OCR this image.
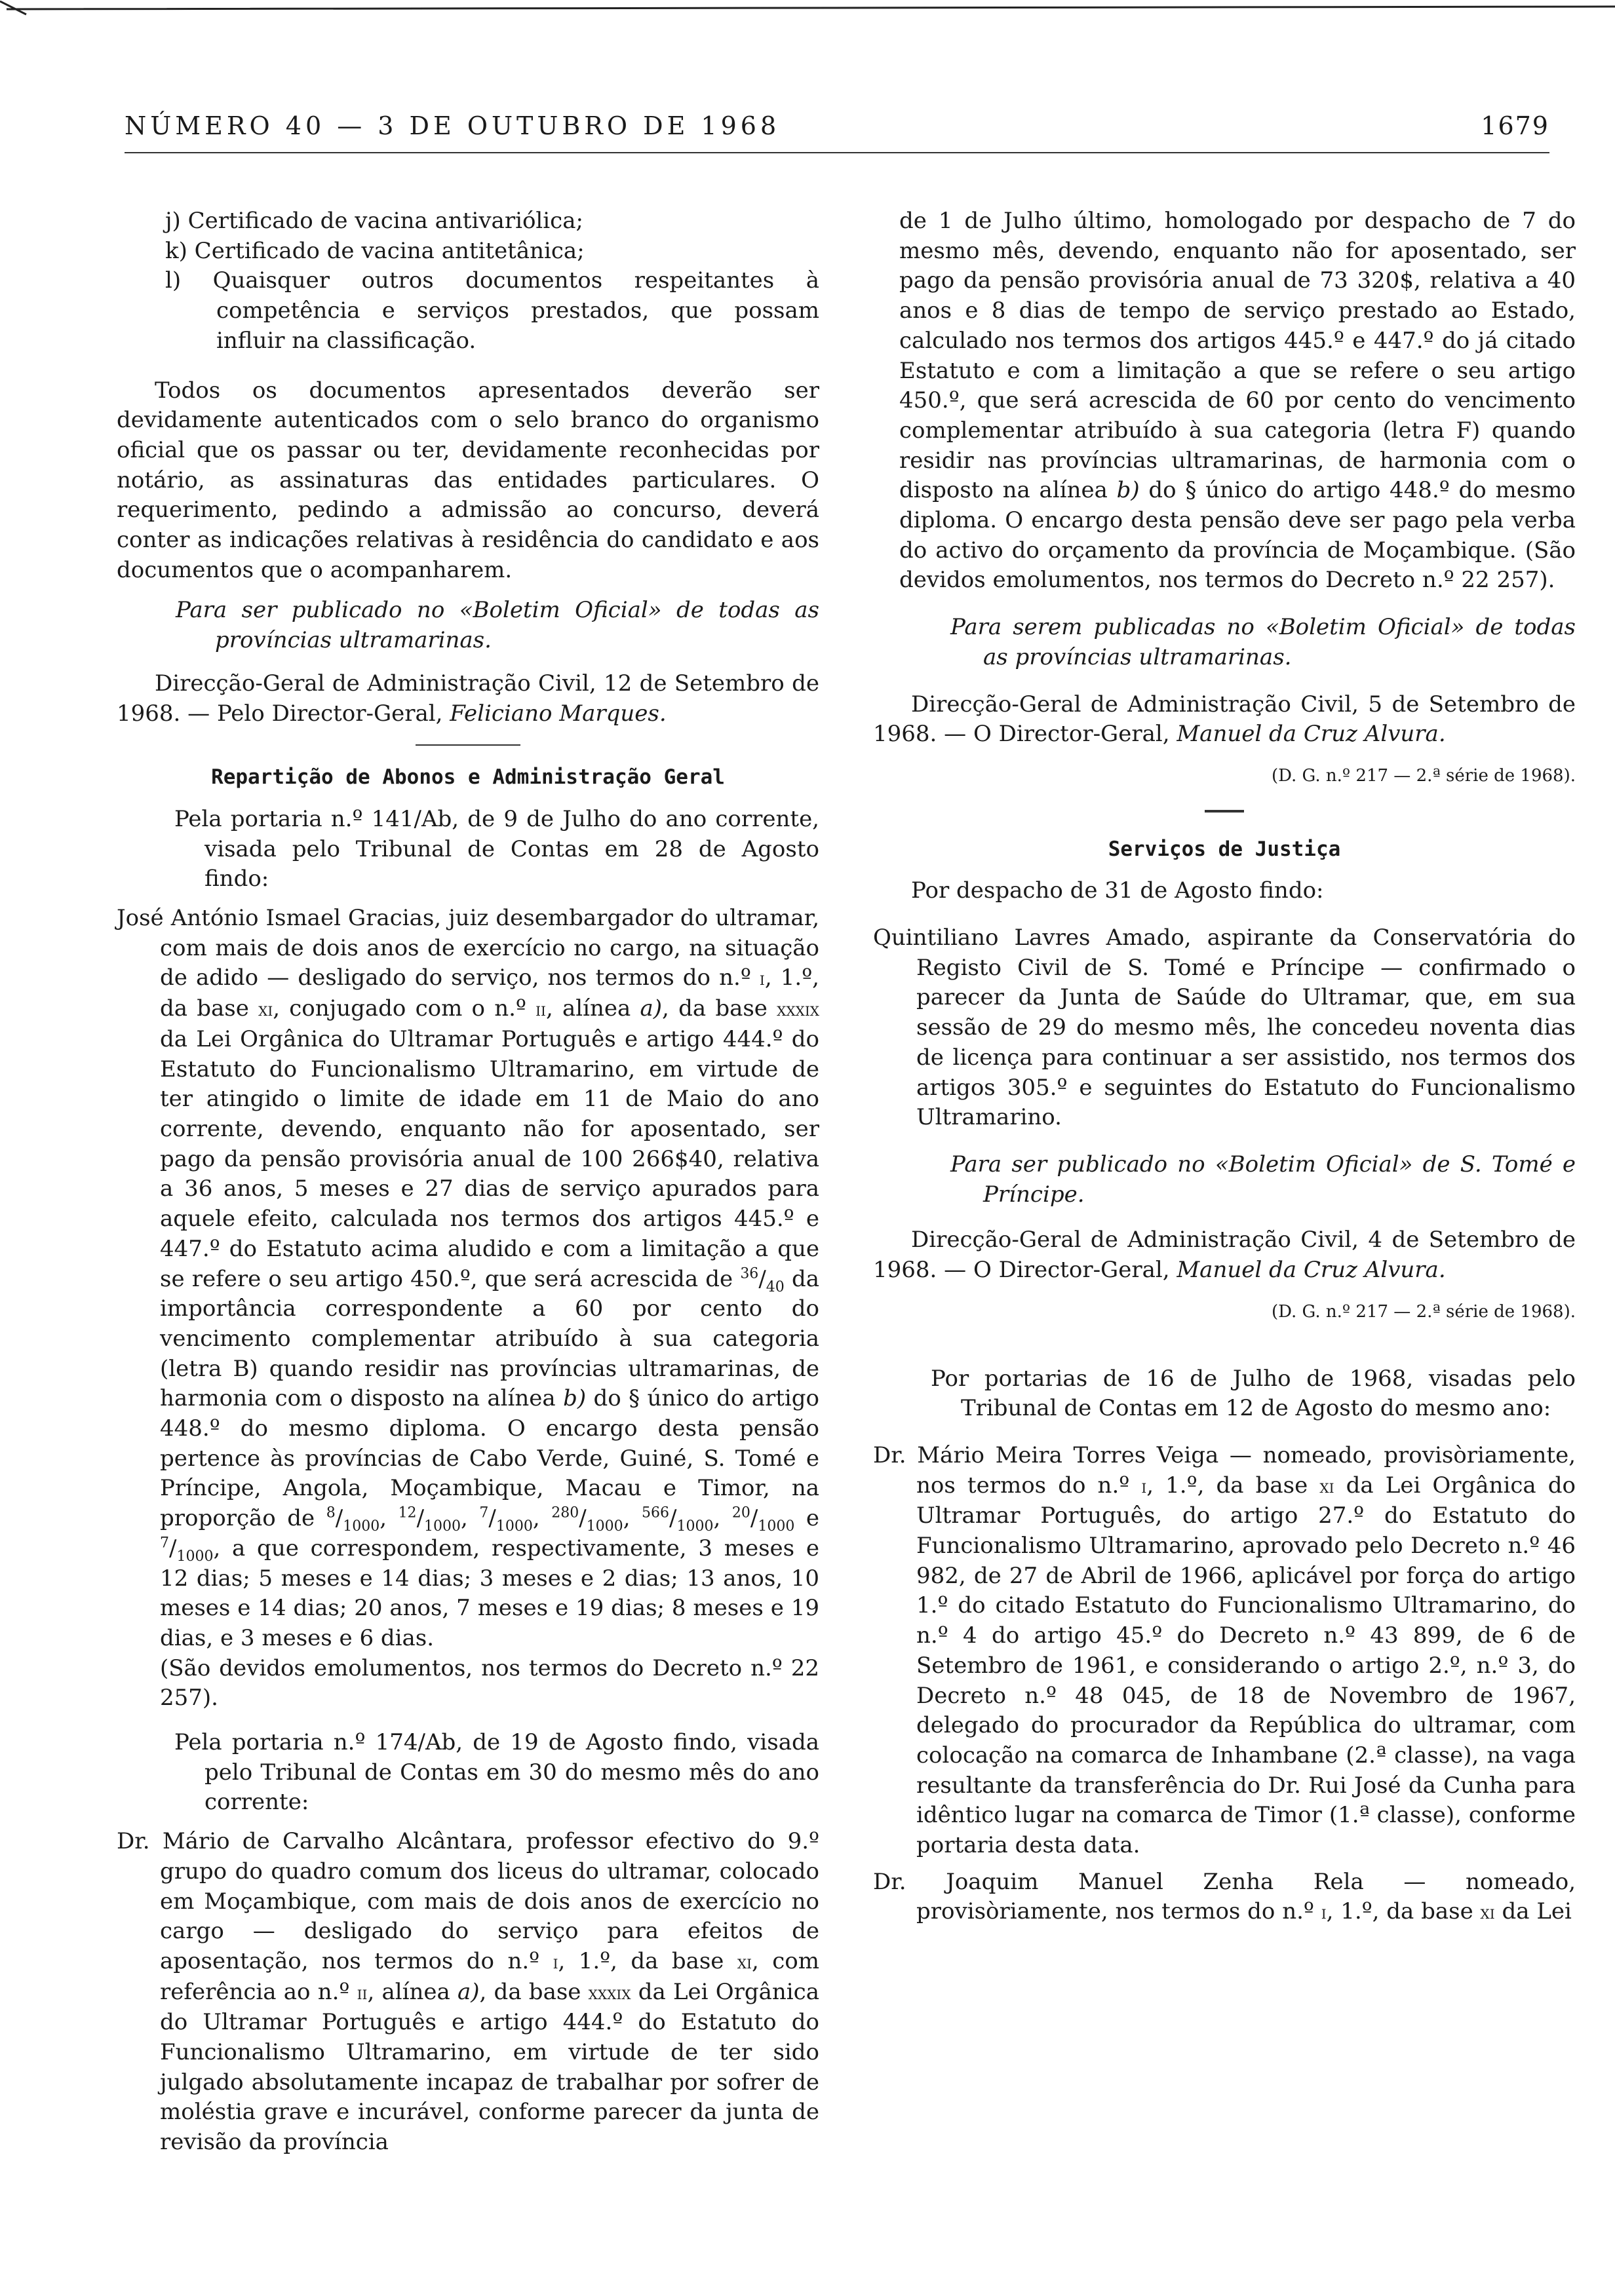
NÚMERO 40 — 3 DE OUTUBRO DE 1968	1679

j) Certificado de vacina antivariólica;

k) Certificado de vacina antitetânica;

l) Quaisquer outros documentos respeitantes à competência e serviços prestados, que possam influir na classificação.

Todos os documentos apresentados deverão ser devidamente autenticados com o selo branco do organismo oficial que os passar ou ter, devidamente reconhecidas por notário, as assinaturas das entidades particulares. O requerimento, pedindo a admissão ao concurso, deverá conter as indicações relativas à residência do candidato e aos documentos que o acompanharem.

Para ser publicado no «Boletim Oficial» de todas as províncias ultramarinas.

Direcção-Geral de Administração Civil, 12 de Setembro de 1968. — Pelo Director-Geral, Feliciano Marques.

Repartição de Abonos e Administração Geral

Pela portaria n.º 141/Ab, de 9 de Julho do ano corrente, visada pelo Tribunal de Contas em 28 de Agosto findo:

José António Ismael Gracias, juiz desembargador do ultramar, com mais de dois anos de exercício no cargo, na situação de adido — desligado do serviço, nos termos do n.º i, 1.º, da base xi, conjugado com o n.º ii, alínea a), da base xxxix da Lei Orgânica do Ultramar Português e artigo 444.º do Estatuto do Funcionalismo Ultramarino, em virtude de ter atingido o limite de idade em 11 de Maio do ano corrente, devendo, enquanto não for aposentado, ser pago da pensão provisória anual de 100 266$40, relativa a 36 anos, 5 meses e 27 dias de serviço apurados para aquele efeito, calculada nos termos dos artigos 445.º e 447.º do Estatuto acima aludido e com a limitação a que se refere o seu artigo 450.º, que será acrescida de $^{36}/_{40}$ da importância correspondente a 60 por cento do vencimento complementar atribuído à sua categoria (letra B) quando residir nas províncias ultramarinas, de harmonia com o disposto na alínea b) do § único do artigo 448.º do mesmo diploma. O encargo desta pensão pertence às províncias de Cabo Verde, Guiné, S. Tomé e Príncipe, Angola, Moçambique, Macau e Timor, na proporção de $^8/_{1000}$, $^{12}/_{1000}$, $^7/_{1000}$, $^{280}/_{1000}$, $^{566}/_{1000}$, $^{20}/_{1000}$ e $^7/_{1000}$, a que correspondem, respectivamente, 3 meses e 12 dias; 5 meses e 14 dias; 3 meses e 2 dias; 13 anos, 10 meses e 14 dias; 20 anos, 7 meses e 19 dias; 8 meses e 19 dias, e 3 meses e 6 dias.
(São devidos emolumentos, nos termos do Decreto n.º 22 257).

Pela portaria n.º 174/Ab, de 19 de Agosto findo, visada pelo Tribunal de Contas em 30 do mesmo mês do ano corrente:

Dr. Mário de Carvalho Alcântara, professor efectivo do 9.º grupo do quadro comum dos liceus do ultramar, colocado em Moçambique, com mais de dois anos de exercício no cargo — desligado do serviço para efeitos de aposentação, nos termos do n.º i, 1.º, da base xi, com referência ao n.º ii, alínea a), da base xxxix da Lei Orgânica do Ultramar Português e artigo 444.º do Estatuto do Funcionalismo Ultramarino, em virtude de ter sido julgado absolutamente incapaz de trabalhar por sofrer de moléstia grave e incurável, conforme parecer da junta de revisão da província

de 1 de Julho último, homologado por despacho de 7 do mesmo mês, devendo, enquanto não for aposentado, ser pago da pensão provisória anual de 73 320$, relativa a 40 anos e 8 dias de tempo de serviço prestado ao Estado, calculado nos termos dos artigos 445.º e 447.º do já citado Estatuto e com a limitação a que se refere o seu artigo 450.º, que será acrescida de 60 por cento do vencimento complementar atribuído à sua categoria (letra F) quando residir nas províncias ultramarinas, de harmonia com o disposto na alínea b) do § único do artigo 448.º do mesmo diploma. O encargo desta pensão deve ser pago pela verba do activo do orçamento da província de Moçambique. (São devidos emolumentos, nos termos do Decreto n.º 22 257).

Para serem publicadas no «Boletim Oficial» de todas as províncias ultramarinas.

Direcção-Geral de Administração Civil, 5 de Setembro de 1968. — O Director-Geral, Manuel da Cruz Alvura.

(D. G. n.º 217 — 2.ª série de 1968).

Serviços de Justiça

Por despacho de 31 de Agosto findo:

Quintiliano Lavres Amado, aspirante da Conservatória do Registo Civil de S. Tomé e Príncipe — confirmado o parecer da Junta de Saúde do Ultramar, que, em sua sessão de 29 do mesmo mês, lhe concedeu noventa dias de licença para continuar a ser assistido, nos termos dos artigos 305.º e seguintes do Estatuto do Funcionalismo Ultramarino.

Para ser publicado no «Boletim Oficial» de S. Tomé e Príncipe.

Direcção-Geral de Administração Civil, 4 de Setembro de 1968. — O Director-Geral, Manuel da Cruz Alvura.

(D. G. n.º 217 — 2.ª série de 1968).

Por portarias de 16 de Julho de 1968, visadas pelo Tribunal de Contas em 12 de Agosto do mesmo ano:

Dr. Mário Meira Torres Veiga — nomeado, provisòriamente, nos termos do n.º i, 1.º, da base xi da Lei Orgânica do Ultramar Português, do artigo 27.º do Estatuto do Funcionalismo Ultramarino, aprovado pelo Decreto n.º 46 982, de 27 de Abril de 1966, aplicável por força do artigo 1.º do citado Estatuto do Funcionalismo Ultramarino, do n.º 4 do artigo 45.º do Decreto n.º 43 899, de 6 de Setembro de 1961, e considerando o artigo 2.º, n.º 3, do Decreto n.º 48 045, de 18 de Novembro de 1967, delegado do procurador da República do ultramar, com colocação na comarca de Inhambane (2.ª classe), na vaga resultante da transferência do Dr. Rui José da Cunha para idêntico lugar na comarca de Timor (1.ª classe), conforme portaria desta data.

Dr. Joaquim Manuel Zenha Rela — nomeado, provisòriamente, nos termos do n.º i, 1.º, da base xi da Lei
